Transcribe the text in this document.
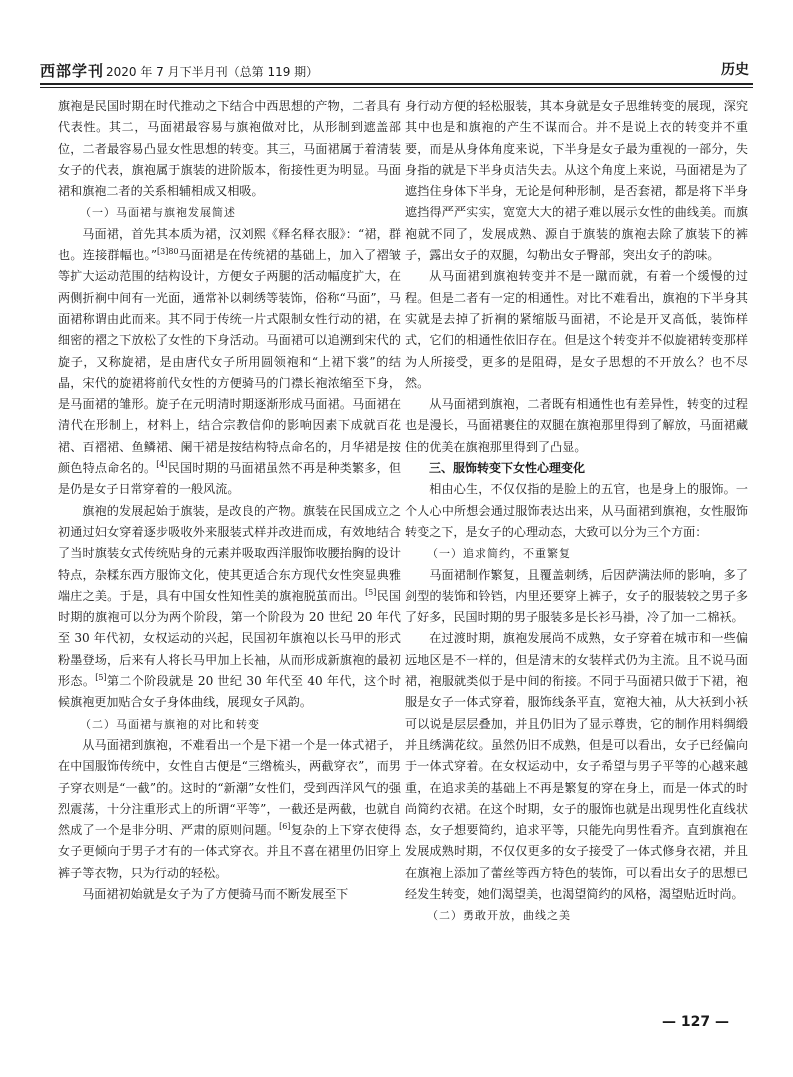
西部学刊 2020 年 7 月下半月刊（总第 119 期）	历史

旗袍是民国时期在时代推动之下结合中西思想的产物，二者具有代表性。其二，马面裙最容易与旗袍做对比，从形制到遮盖部位，二者最容易凸显女性思想的转变。其三，马面裙属于着清装女子的代表，旗袍属于旗装的进阶版本，衔接性更为明显。马面裙和旗袍二者的关系相辅相成又相吸。

（一）马面裙与旗袍发展简述

马面裙，首先其本质为裙，汉刘熙《释名释衣服》：“裙，群也。连接群幅也。”$^{[3]80}$马面裙是在传统裙的基础上，加入了褶皱等扩大运动范围的结构设计，方便女子两腿的活动幅度扩大，在两侧折裥中间有一光面，通常补以刺绣等装饰，俗称“马面”，马面裙称谓由此而来。其不同于传统一片式限制女性行动的裙，在细密的褶之下放松了女性的下身活动。马面裙可以追溯到宋代的旋子，又称旋裙，是由唐代女子所用圆领袍和“上裙下裳”的结晶，宋代的旋裙将前代女性的方便骑马的门襟长袍浓缩至下身，是马面裙的雏形。旋子在元明清时期逐渐形成马面裙。马面裙在清代在形制上，材料上，结合宗教信仰的影响因素下成就百花裙、百褶裙、鱼鳞裙、阑干裙是按结构特点命名的，月华裙是按颜色特点命名的。[4]民国时期的马面裙虽然不再是种类繁多，但是仍是女子日常穿着的一般风流。

旗袍的发展起始于旗装，是改良的产物。旗装在民国成立之初通过妇女穿着逐步吸收外来服装式样并改进而成，有效地结合了当时旗装女式传统贴身的元素并吸取西洋服饰收腰抬胸的设计特点，杂糅东西方服饰文化，使其更适合东方现代女性突显典雅端庄之美。于是，具有中国女性知性美的旗袍脱茧而出。[5]民国时期的旗袍可以分为两个阶段，第一个阶段为 20 世纪 20 年代至 30 年代初，女权运动的兴起，民国初年旗袍以长马甲的形式粉墨登场，后来有人将长马甲加上长袖，从而形成新旗袍的最初形态。[5]第二个阶段就是 20 世纪 30 年代至 40 年代，这个时候旗袍更加贴合女子身体曲线，展现女子风韵。

（二）马面裙与旗袍的对比和转变

从马面裙到旗袍，不难看出一个是下裙一个是一体式裙子，在中国服饰传统中，女性自古便是“三绺梳头，两截穿衣”，而男子穿衣则是“一截”的。这时的“新潮”女性们，受到西洋风气的强烈震荡，十分注重形式上的所谓“平等”，一截还是两截，也就自然成了一个是非分明、严肃的原则问题。[6]复杂的上下穿衣使得女子更倾向于男子才有的一体式穿衣。并且不喜在裙里仍旧穿上裤子等衣物，只为行动的轻松。

马面裙初始就是女子为了方便骑马而不断发展至下

身行动方便的轻松服装，其本身就是女子思维转变的展现，深究其中也是和旗袍的产生不谋而合。并不是说上衣的转变并不重要，而是从身体角度来说，下半身是女子最为重视的一部分，失身指的就是下半身贞洁失去。从这个角度上来说，马面裙是为了遮挡住身体下半身，无论是何种形制，是否套裙，都是将下半身遮挡得严严实实，宽宽大大的裙子难以展示女性的曲线美。而旗袍就不同了，发展成熟、源自于旗装的旗袍去除了旗装下的裤子，露出女子的双腿，勾勒出女子臀部，突出女子的韵味。

从马面裙到旗袍转变并不是一蹴而就，有着一个缓慢的过程。但是二者有一定的相通性。对比不难看出，旗袍的下半身其实就是去掉了折裥的紧缩版马面裙，不论是开叉高低，装饰样式，它们的相通性依旧存在。但是这个转变并不似旋裙转变那样为人所接受，更多的是阻碍，是女子思想的不开放么？也不尽然。

从马面裙到旗袍，二者既有相通性也有差异性，转变的过程也是漫长，马面裙裹住的双腿在旗袍那里得到了解放，马面裙藏住的优美在旗袍那里得到了凸显。

三、服饰转变下女性心理变化

相由心生，不仅仅指的是脸上的五官，也是身上的服饰。一个人心中所想会通过服饰表达出来，从马面裙到旗袍，女性服饰转变之下，是女子的心理动态，大致可以分为三个方面：

（一）追求简约，不重繁复

马面裙制作繁复，且覆盖刺绣，后因萨满法师的影响，多了剑型的装饰和铃铛，内里还要穿上裤子，女子的服装较之男子多了好多，民国时期的男子服装多是长衫马褂，冷了加一二棉袄。

在过渡时期，旗袍发展尚不成熟，女子穿着在城市和一些偏远地区是不一样的，但是清末的女装样式仍为主流。且不说马面裙，袍服就类似于是中间的衔接。不同于马面裙只做于下裙，袍服是女子一体式穿着，服饰线条平直，宽袍大袖，从大袄到小袄可以说是层层叠加，并且仍旧为了显示尊贵，它的制作用料绸缎并且绣满花纹。虽然仍旧不成熟，但是可以看出，女子已经偏向于一体式穿着。在女权运动中，女子希望与男子平等的心越来越重，在追求美的基础上不再是繁复的穿在身上，而是一体式的时尚简约衣裙。在这个时期，女子的服饰也就是出现男性化直线状态，女子想要简约，追求平等，只能先向男性看齐。直到旗袍在发展成熟时期，不仅仅更多的女子接受了一体式修身衣裙，并且在旗袍上添加了蕾丝等西方特色的装饰，可以看出女子的思想已经发生转变，她们渴望美，也渴望简约的风格，渴望贴近时尚。

（二）勇敢开放，曲线之美

— 127 —
